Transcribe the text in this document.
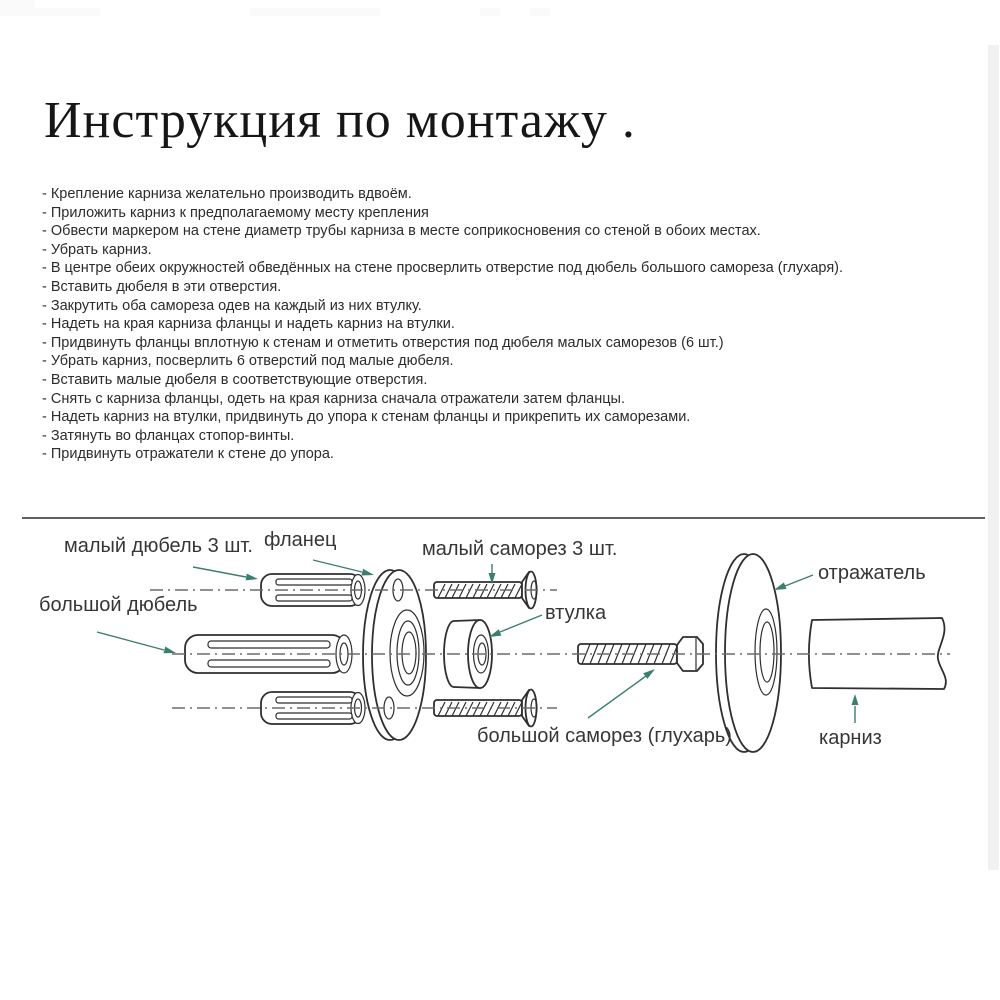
Инструкция по монтажу .
- Крепление карниза желательно производить вдвоём.
- Приложить карниз к предполагаемому месту крепления
- Обвести маркером на стене диаметр трубы карниза в месте соприкосновения со стеной в обоих местах.
- Убрать карниз.
- В центре обеих окружностей обведённых на стене просверлить отверстие под дюбель большого самореза (глухаря).
- Вставить дюбеля в эти отверстия.
- Закрутить оба самореза одев на каждый из них втулку.
- Надеть на края карниза фланцы и надеть карниз на втулки.
- Придвинуть фланцы вплотную к стенам и отметить отверстия под дюбеля малых саморезов (6 шт.)
- Убрать карниз, посверлить 6 отверстий под малые дюбеля.
- Вставить малые дюбеля в соответствующие отверстия.
- Снять с карниза фланцы, одеть на края карниза сначала отражатели затем фланцы.
- Надеть карниз на втулки, придвинуть до упора к стенам фланцы и прикрепить их саморезами.
- Затянуть во фланцах стопор-винты.
- Придвинуть отражатели к стене до упора.
малый дюбель 3 шт. фланец	малый саморез 3 шт.
большой дюбель	втулка
отражатель
большой саморез (глухарь)	карниз
